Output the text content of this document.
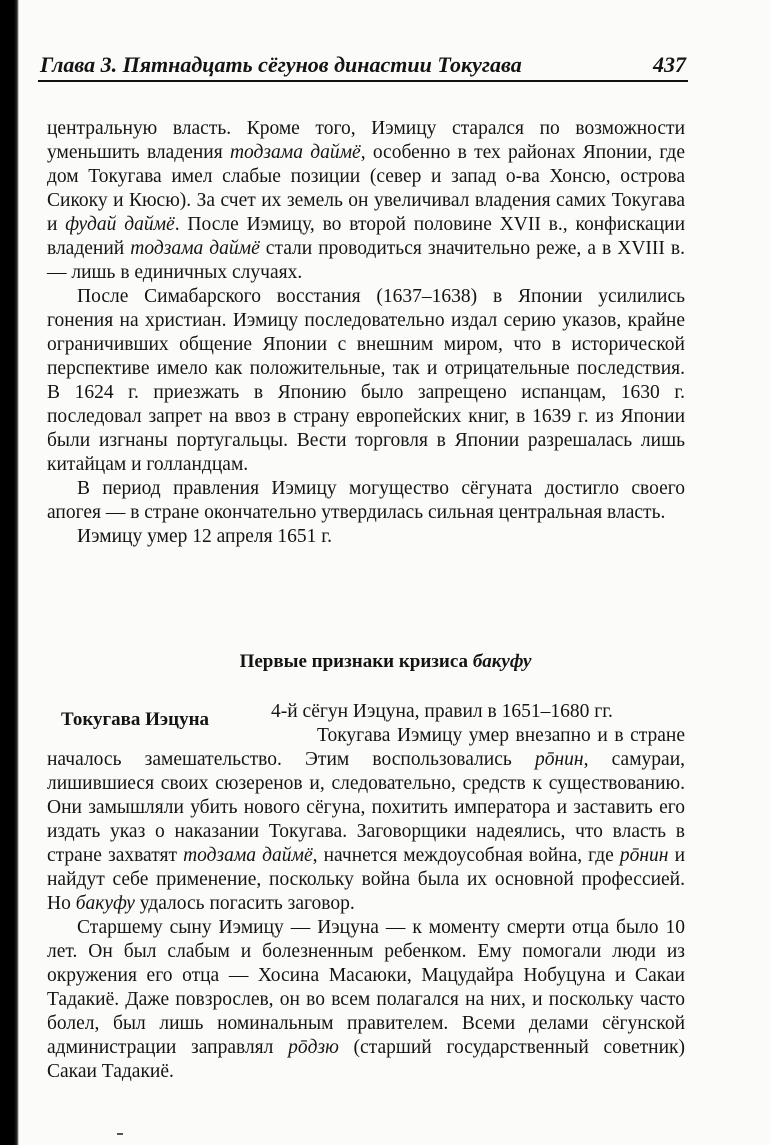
Глава 3. Пятнадцать сёгунов династии Токугава	437

центральную власть. Кроме того, Иэмицу старался по возможности уменьшить владения тодзама даймё, особенно в тех районах Японии, где дом Токугава имел слабые позиции (север и запад о-ва Хонсю, острова Сикоку и Кюсю). За счет их земель он увеличивал владения самих Токугава и фудай даймё. После Иэмицу, во второй половине XVII в., конфискации владений тодзама даймё стали проводиться значительно реже, а в XVIII в. — лишь в единичных случаях.

После Симабарского восстания (1637–1638) в Японии усилились гонения на христиан. Иэмицу последовательно издал серию указов, крайне ограничивших общение Японии с внешним миром, что в исторической перспективе имело как положительные, так и отрицательные последствия. В 1624 г. приезжать в Японию было запрещено испанцам, 1630 г. последовал запрет на ввоз в страну европейских книг, в 1639 г. из Японии были изгнаны португальцы. Вести торговля в Японии разрешалась лишь китайцам и голландцам.

В период правления Иэмицу могущество сёгуната достигло своего апогея — в стране окончательно утвердилась сильная центральная власть.

Иэмицу умер 12 апреля 1651 г.

Первые признаки кризиса бакуфу
Токугава Иэцуна	4-й сёгун Иэцуна, правил в 1651–1680 гг.

Токугава Иэмицу умер внезапно и в стране началось замешательство. Этим воспользовались рōнин, самураи, лишившиеся своих сюзеренов и, следовательно, средств к существованию. Они замышляли убить нового сёгуна, похитить императора и заставить его издать указ о наказании Токугава. Заговорщики надеялись, что власть в стране захватят тодзама даймё, начнется междоусобная война, где рōнин и найдут себе применение, поскольку война была их основной профессией. Но бакуфу удалось погасить заговор.

Старшему сыну Иэмицу — Иэцуна — к моменту смерти отца было 10 лет. Он был слабым и болезненным ребенком. Ему помогали люди из окружения его отца — Хосина Масаюки, Мацудайра Нобуцуна и Сакаи Тадакиё. Даже повзрослев, он во всем полагался на них, и поскольку часто болел, был лишь номинальным правителем. Всеми делами сёгунской администрации заправлял рōдзю (старший государственный советник) Сакаи Тадакиё.
